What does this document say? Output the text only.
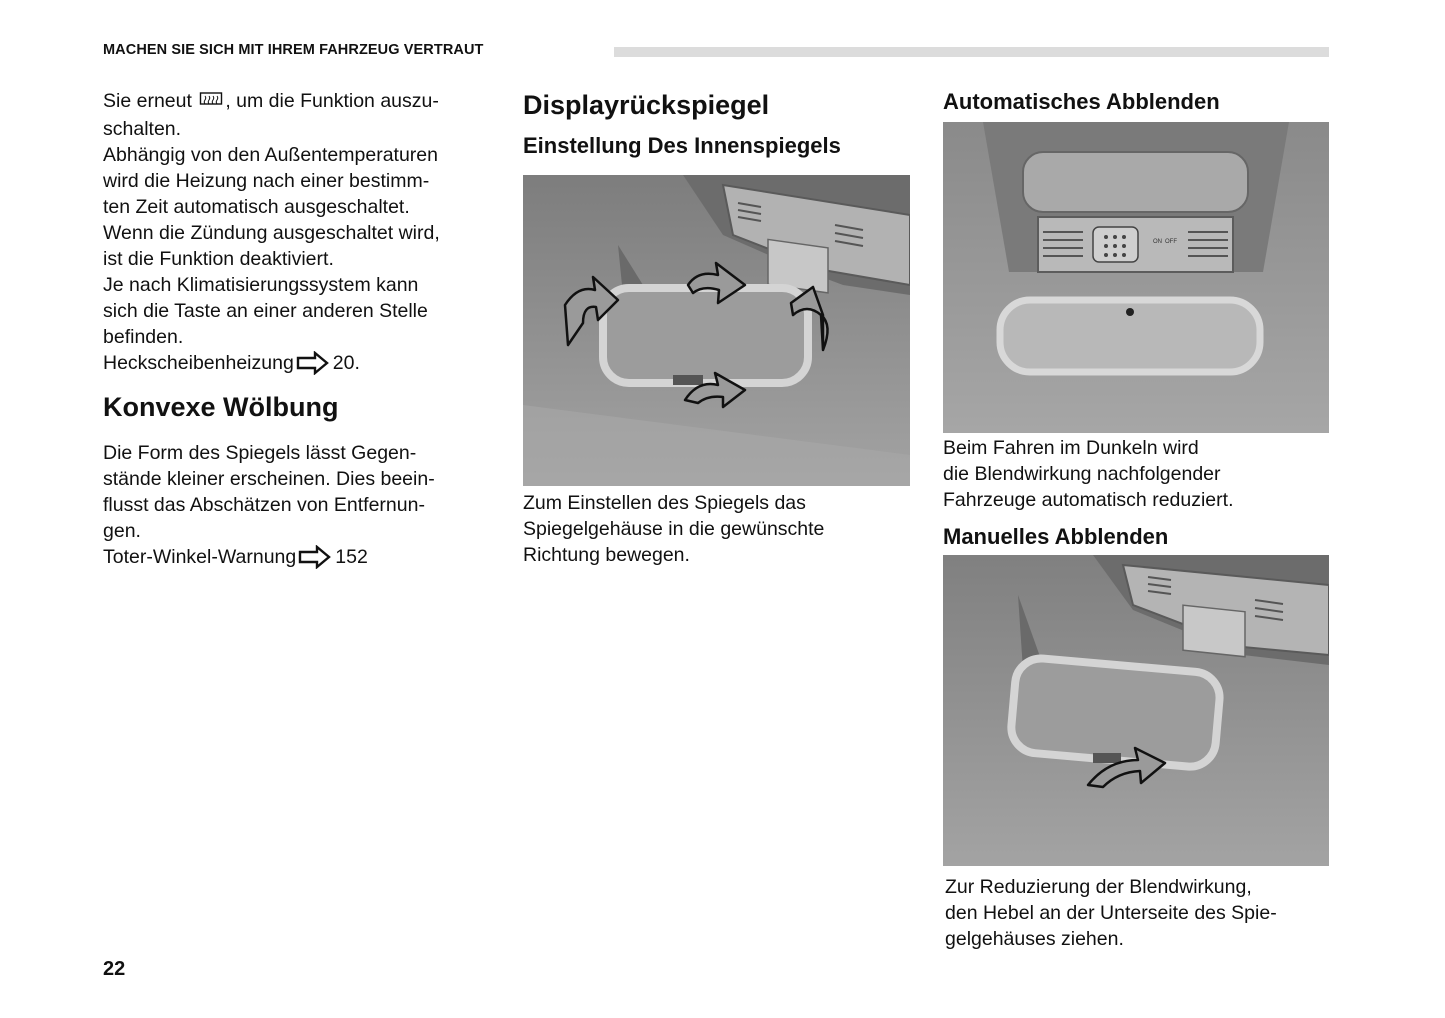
MACHEN SIE SICH MIT IHREM FAHRZEUG VERTRAUT

Sie erneut , um die Funktion auszu-

schalten.

Abhängig von den Außentemperaturen

wird die Heizung nach einer bestimm-

ten Zeit automatisch ausgeschaltet.

Wenn die Zündung ausgeschaltet wird,

ist die Funktion deaktiviert.

Je nach Klimatisierungssystem kann

sich die Taste an einer anderen Stelle

befinden.

Heckscheibenheizung 20.

Konvexe Wölbung

Die Form des Spiegels lässt Gegen-

stände kleiner erscheinen. Dies beein-

flusst das Abschätzen von Entfernun-

gen.

Toter-Winkel-Warnung 152

Displayrückspiegel
Einstellung Des Innenspiegels

Zum Einstellen des Spiegels das

Spiegelgehäuse in die gewünschte

Richtung bewegen.

Automatisches Abblenden
ON OFF

Beim Fahren im Dunkeln wird

die Blendwirkung nachfolgender

Fahrzeuge automatisch reduziert.

Manuelles Abblenden

Zur Reduzierung der Blendwirkung,

den Hebel an der Unterseite des Spie-

gelgehäuses ziehen.

22
